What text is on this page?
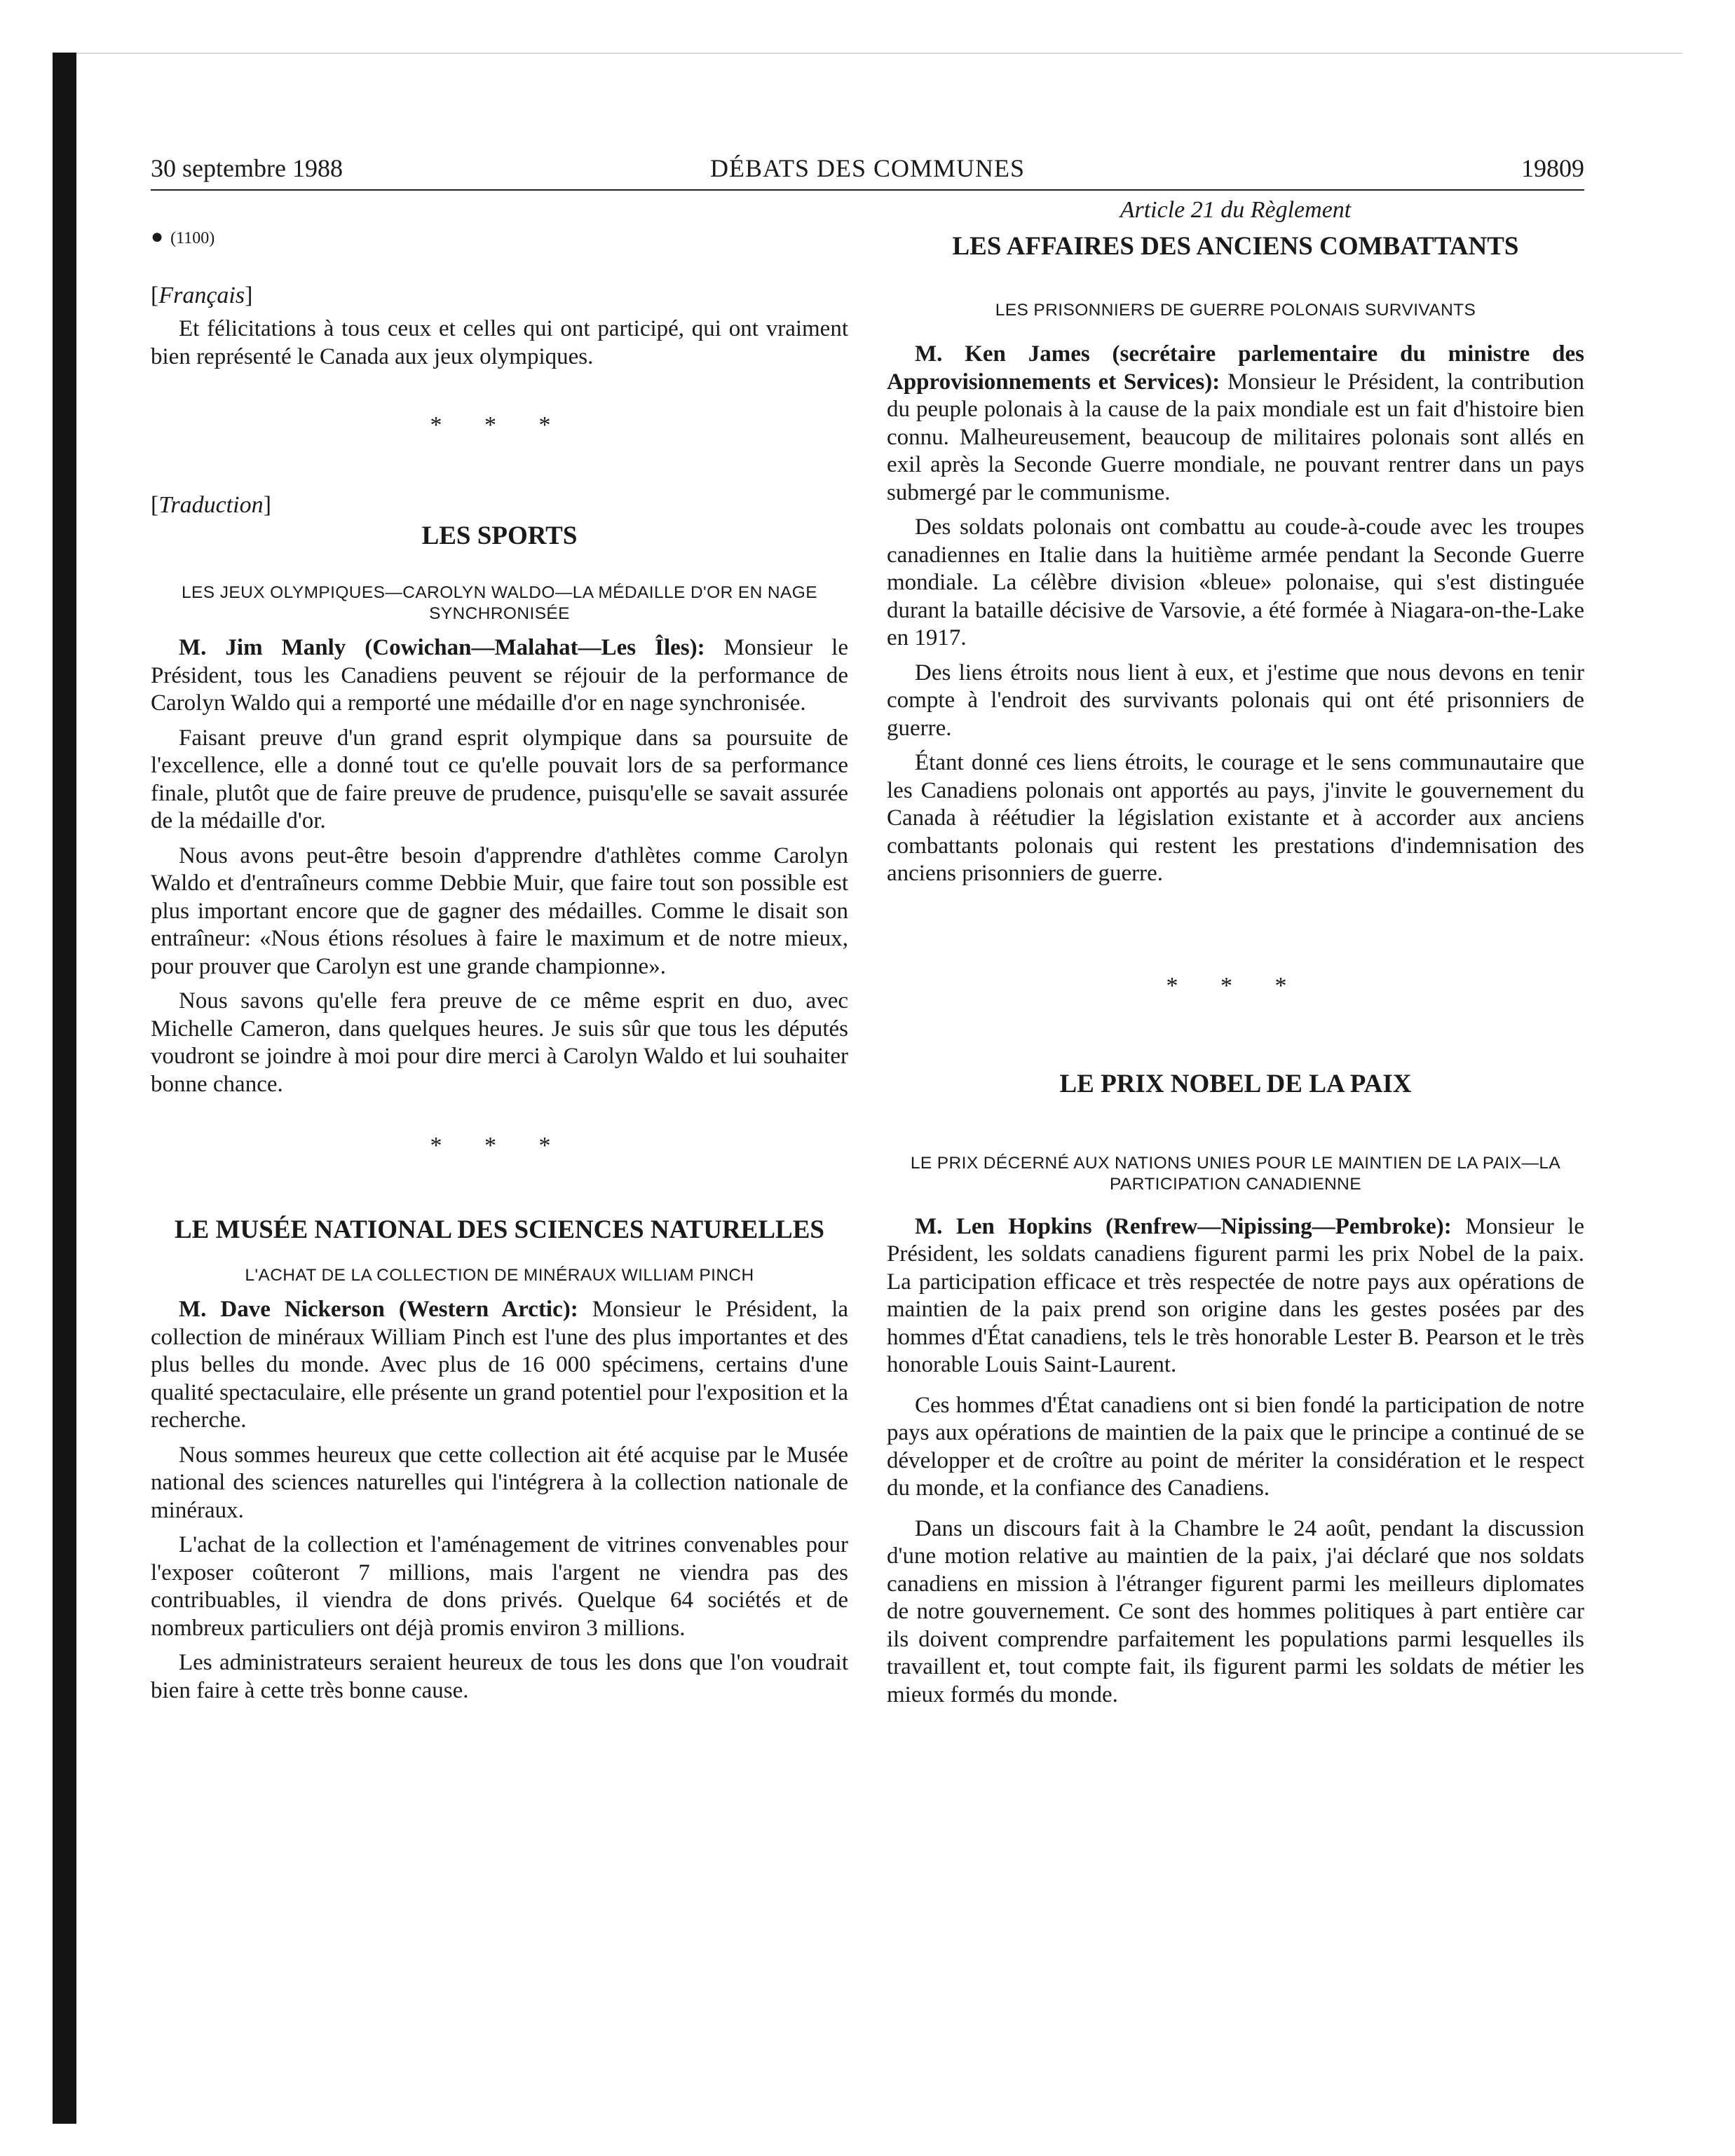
30 septembre 1988	DÉBATS DES COMMUNES	19809

● (1100)

[Français]

Et félicitations à tous ceux et celles qui ont participé, qui ont vraiment bien représenté le Canada aux jeux olympiques.

* * *

[Traduction]

LES SPORTS
LES JEUX OLYMPIQUES—CAROLYN WALDO—LA MÉDAILLE D'OR EN NAGE SYNCHRONISÉE

M. Jim Manly (Cowichan—Malahat—Les Îles): Monsieur le Président, tous les Canadiens peuvent se réjouir de la performance de Carolyn Waldo qui a remporté une médaille d'or en nage synchronisée.

Faisant preuve d'un grand esprit olympique dans sa poursuite de l'excellence, elle a donné tout ce qu'elle pouvait lors de sa performance finale, plutôt que de faire preuve de prudence, puisqu'elle se savait assurée de la médaille d'or.

Nous avons peut-être besoin d'apprendre d'athlètes comme Carolyn Waldo et d'entraîneurs comme Debbie Muir, que faire tout son possible est plus important encore que de gagner des médailles. Comme le disait son entraîneur: «Nous étions résolues à faire le maximum et de notre mieux, pour prouver que Carolyn est une grande championne».

Nous savons qu'elle fera preuve de ce même esprit en duo, avec Michelle Cameron, dans quelques heures. Je suis sûr que tous les députés voudront se joindre à moi pour dire merci à Carolyn Waldo et lui souhaiter bonne chance.

* * *

LE MUSÉE NATIONAL DES SCIENCES NATURELLES
L'ACHAT DE LA COLLECTION DE MINÉRAUX WILLIAM PINCH

M. Dave Nickerson (Western Arctic): Monsieur le Président, la collection de minéraux William Pinch est l'une des plus importantes et des plus belles du monde. Avec plus de 16 000 spécimens, certains d'une qualité spectaculaire, elle présente un grand potentiel pour l'exposition et la recherche.

Nous sommes heureux que cette collection ait été acquise par le Musée national des sciences naturelles qui l'intégrera à la collection nationale de minéraux.

L'achat de la collection et l'aménagement de vitrines convenables pour l'exposer coûteront 7 millions, mais l'argent ne viendra pas des contribuables, il viendra de dons privés. Quelque 64 sociétés et de nombreux particuliers ont déjà promis environ 3 millions.

Les administrateurs seraient heureux de tous les dons que l'on voudrait bien faire à cette très bonne cause.

Article 21 du Règlement

LES AFFAIRES DES ANCIENS COMBATTANTS
LES PRISONNIERS DE GUERRE POLONAIS SURVIVANTS

M. Ken James (secrétaire parlementaire du ministre des Approvisionnements et Services): Monsieur le Président, la contribution du peuple polonais à la cause de la paix mondiale est un fait d'histoire bien connu. Malheureusement, beaucoup de militaires polonais sont allés en exil après la Seconde Guerre mondiale, ne pouvant rentrer dans un pays submergé par le communisme.

Des soldats polonais ont combattu au coude-à-coude avec les troupes canadiennes en Italie dans la huitième armée pendant la Seconde Guerre mondiale. La célèbre division «bleue» polonaise, qui s'est distinguée durant la bataille décisive de Varsovie, a été formée à Niagara-on-the-Lake en 1917.

Des liens étroits nous lient à eux, et j'estime que nous devons en tenir compte à l'endroit des survivants polonais qui ont été prisonniers de guerre.

Étant donné ces liens étroits, le courage et le sens communautaire que les Canadiens polonais ont apportés au pays, j'invite le gouvernement du Canada à réétudier la législation existante et à accorder aux anciens combattants polonais qui restent les prestations d'indemnisation des anciens prisonniers de guerre.

* * *

LE PRIX NOBEL DE LA PAIX
LE PRIX DÉCERNÉ AUX NATIONS UNIES POUR LE MAINTIEN DE LA PAIX—LA PARTICIPATION CANADIENNE

M. Len Hopkins (Renfrew—Nipissing—Pembroke): Monsieur le Président, les soldats canadiens figurent parmi les prix Nobel de la paix. La participation efficace et très respectée de notre pays aux opérations de maintien de la paix prend son origine dans les gestes posées par des hommes d'État canadiens, tels le très honorable Lester B. Pearson et le très honorable Louis Saint-Laurent.

Ces hommes d'État canadiens ont si bien fondé la participation de notre pays aux opérations de maintien de la paix que le principe a continué de se développer et de croître au point de mériter la considération et le respect du monde, et la confiance des Canadiens.

Dans un discours fait à la Chambre le 24 août, pendant la discussion d'une motion relative au maintien de la paix, j'ai déclaré que nos soldats canadiens en mission à l'étranger figurent parmi les meilleurs diplomates de notre gouvernement. Ce sont des hommes politiques à part entière car ils doivent comprendre parfaitement les populations parmi lesquelles ils travaillent et, tout compte fait, ils figurent parmi les soldats de métier les mieux formés du monde.
